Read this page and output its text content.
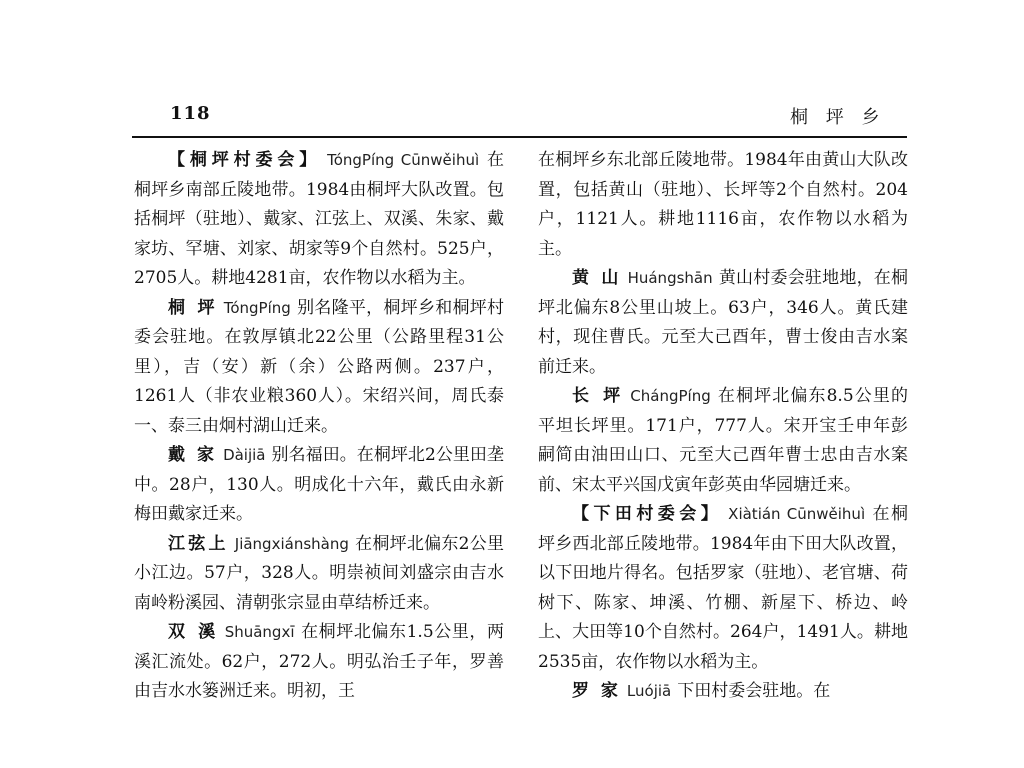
118	桐 坪 乡

【桐坪村委会】 TóngPíng Cūnwěihuì 在桐坪乡南部丘陵地带。1984由桐坪大队改置。包括桐坪（驻地）、戴家、江弦上、双溪、朱家、戴家坊、罕塘、刘家、胡家等9个自然村。525户，2705人。耕地4281亩，农作物以水稻为主。

桐 坪 TóngPíng 别名隆平，桐坪乡和桐坪村委会驻地。在敦厚镇北22公里（公路里程31公里），吉（安）新（余）公路两侧。237户，1261人（非农业粮360人）。宋绍兴间，周氏泰一、泰三由炯村湖山迁来。

戴 家 Dàijiā 别名福田。在桐坪北2公里田垄中。28户，130人。明成化十六年，戴氏由永新梅田戴家迁来。

江弦上 Jiāngxiánshàng 在桐坪北偏东2公里小江边。57户，328人。明崇祯间刘盛宗由吉水南岭粉溪园、清朝张宗显由草结桥迁来。

双 溪 Shuāngxī 在桐坪北偏东1.5公里，两溪汇流处。62户，272人。明弘治壬子年，罗善由吉水水篓洲迁来。明初，王

在桐坪乡东北部丘陵地带。1984年由黄山大队改置，包括黄山（驻地）、长坪等2个自然村。204户，1121人。耕地1116亩，农作物以水稻为主。

黄 山 Huángshān 黄山村委会驻地地，在桐坪北偏东8公里山坡上。63户，346人。黄氏建村，现住曹氏。元至大己酉年，曹士俊由吉水案前迁来。

长 坪 ChángPíng 在桐坪北偏东8.5公里的平坦长坪里。171户，777人。宋开宝壬申年彭嗣简由油田山口、元至大己酉年曹士忠由吉水案前、宋太平兴国戊寅年彭英由华园塘迁来。

【下田村委会】 Xiàtián Cūnwěihuì 在桐坪乡西北部丘陵地带。1984年由下田大队改置，以下田地片得名。包括罗家（驻地）、老官塘、荷树下、陈家、坤溪、竹棚、新屋下、桥边、岭上、大田等10个自然村。264户，1491人。耕地2535亩，农作物以水稻为主。

罗 家 Luójiā 下田村委会驻地。在
